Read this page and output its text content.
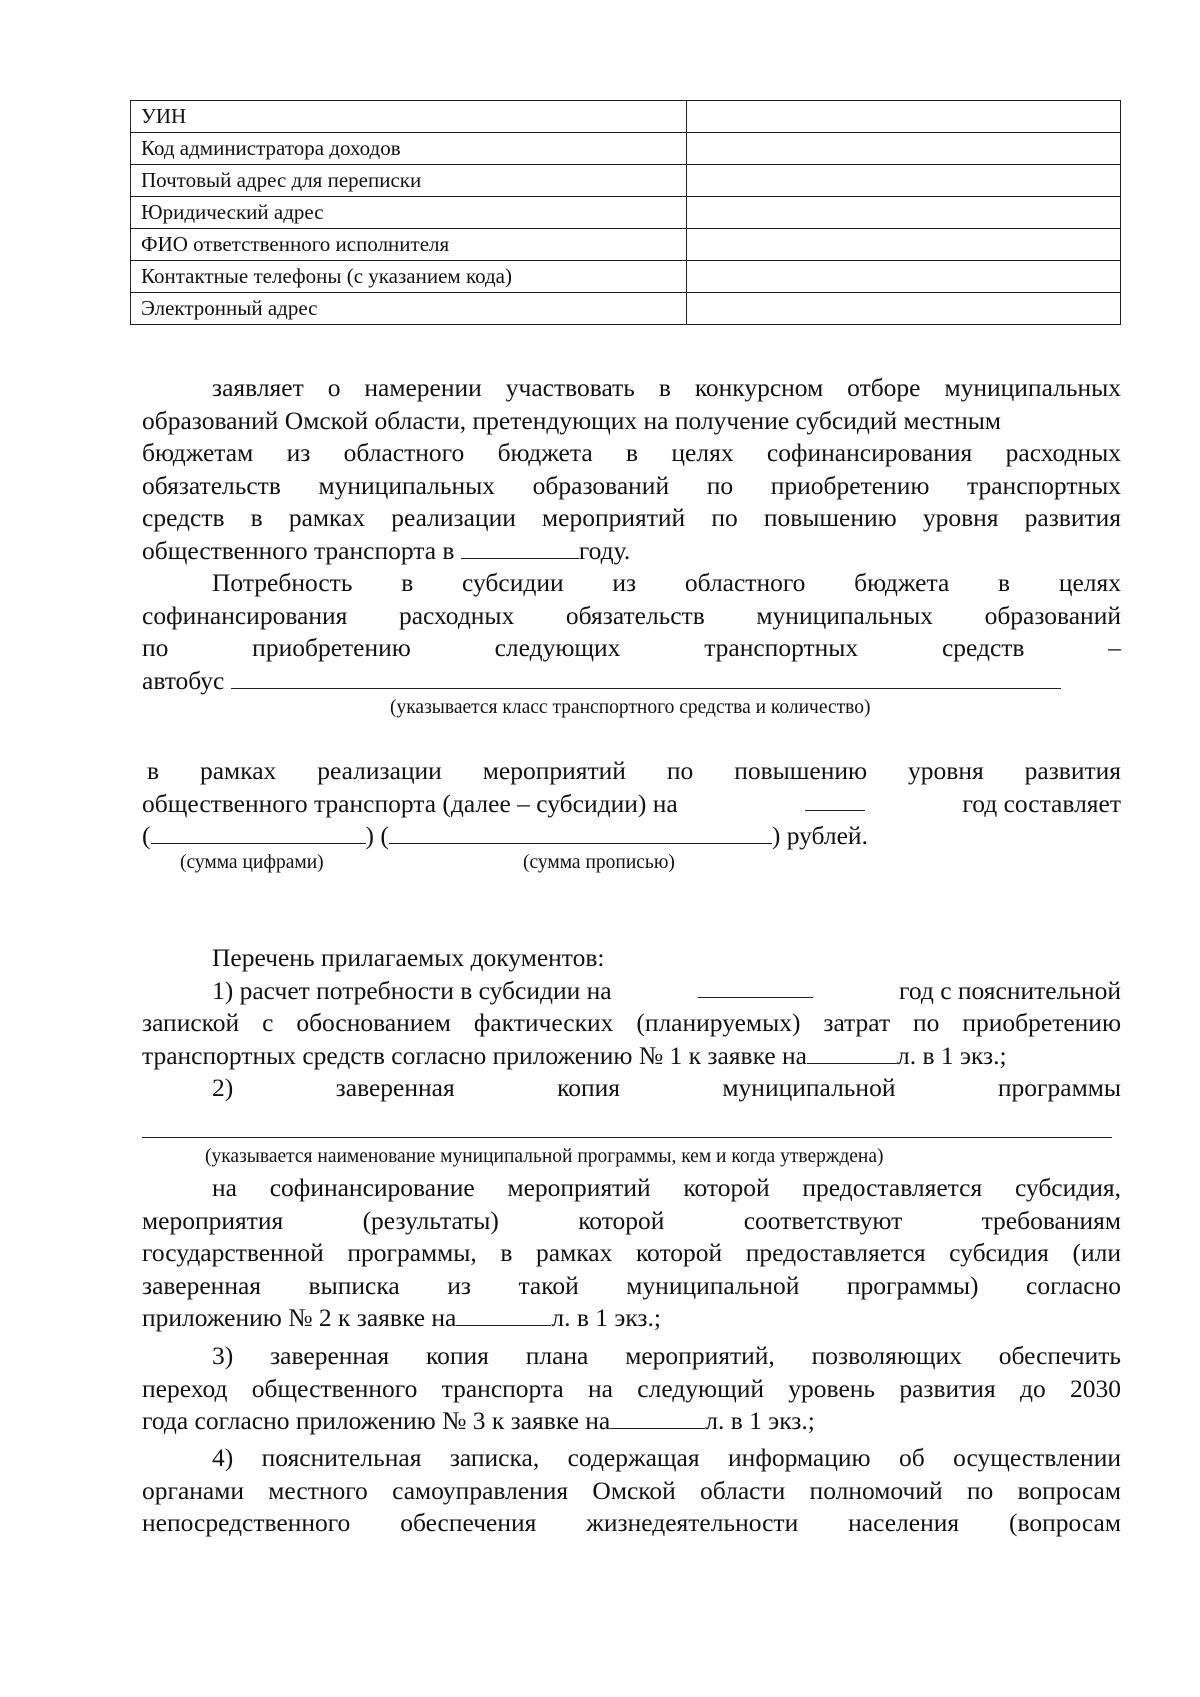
УИН	
Код администратора доходов	
Почтовый адрес для переписки	
Юридический адрес	
ФИО ответственного исполнителя	
Контактные телефоны (с указанием кода)	
Электронный адрес	
заявляет о намерении участвовать в конкурсном отборе муниципальных
образований Омской области, претендующих на получение субсидий местным
бюджетам из областного бюджета в целях софинансирования расходных
обязательств муниципальных образований по приобретению транспортных
средств в рамках реализации мероприятий по повышению уровня развития
общественного транспорта в	году.
Потребность в субсидии из областного бюджета в целях
софинансирования расходных обязательств муниципальных образований
по приобретению следующих транспортных средств –
автобус
(указывается класс транспортного средства и количество)
в рамках реализации мероприятий по повышению уровня развития
общественного транспорта (далее – субсидии) на	год составляет
(	) (	) рублей.
(сумма цифрами)	(сумма прописью)
Перечень прилагаемых документов:
1) расчет потребности в субсидии на	год с пояснительной
запиской с обоснованием фактических (планируемых) затрат по приобретению
транспортных средств согласно приложению № 1 к заявке на	л. в 1 экз.;
2) заверенная копия муниципальной программы
(указывается наименование муниципальной программы, кем и когда утверждена)
на софинансирование мероприятий которой предоставляется субсидия,
мероприятия (результаты) которой соответствуют требованиям
государственной программы, в рамках которой предоставляется субсидия (или
заверенная выписка из такой муниципальной программы) согласно
приложению № 2 к заявке на	л. в 1 экз.;
3) заверенная копия плана мероприятий, позволяющих обеспечить
переход общественного транспорта на следующий уровень развития до 2030
года согласно приложению № 3 к заявке на	л. в 1 экз.;
4) пояснительная записка, содержащая информацию об осуществлении
органами местного самоуправления Омской области полномочий по вопросам
непосредственного обеспечения жизнедеятельности населения (вопросам
